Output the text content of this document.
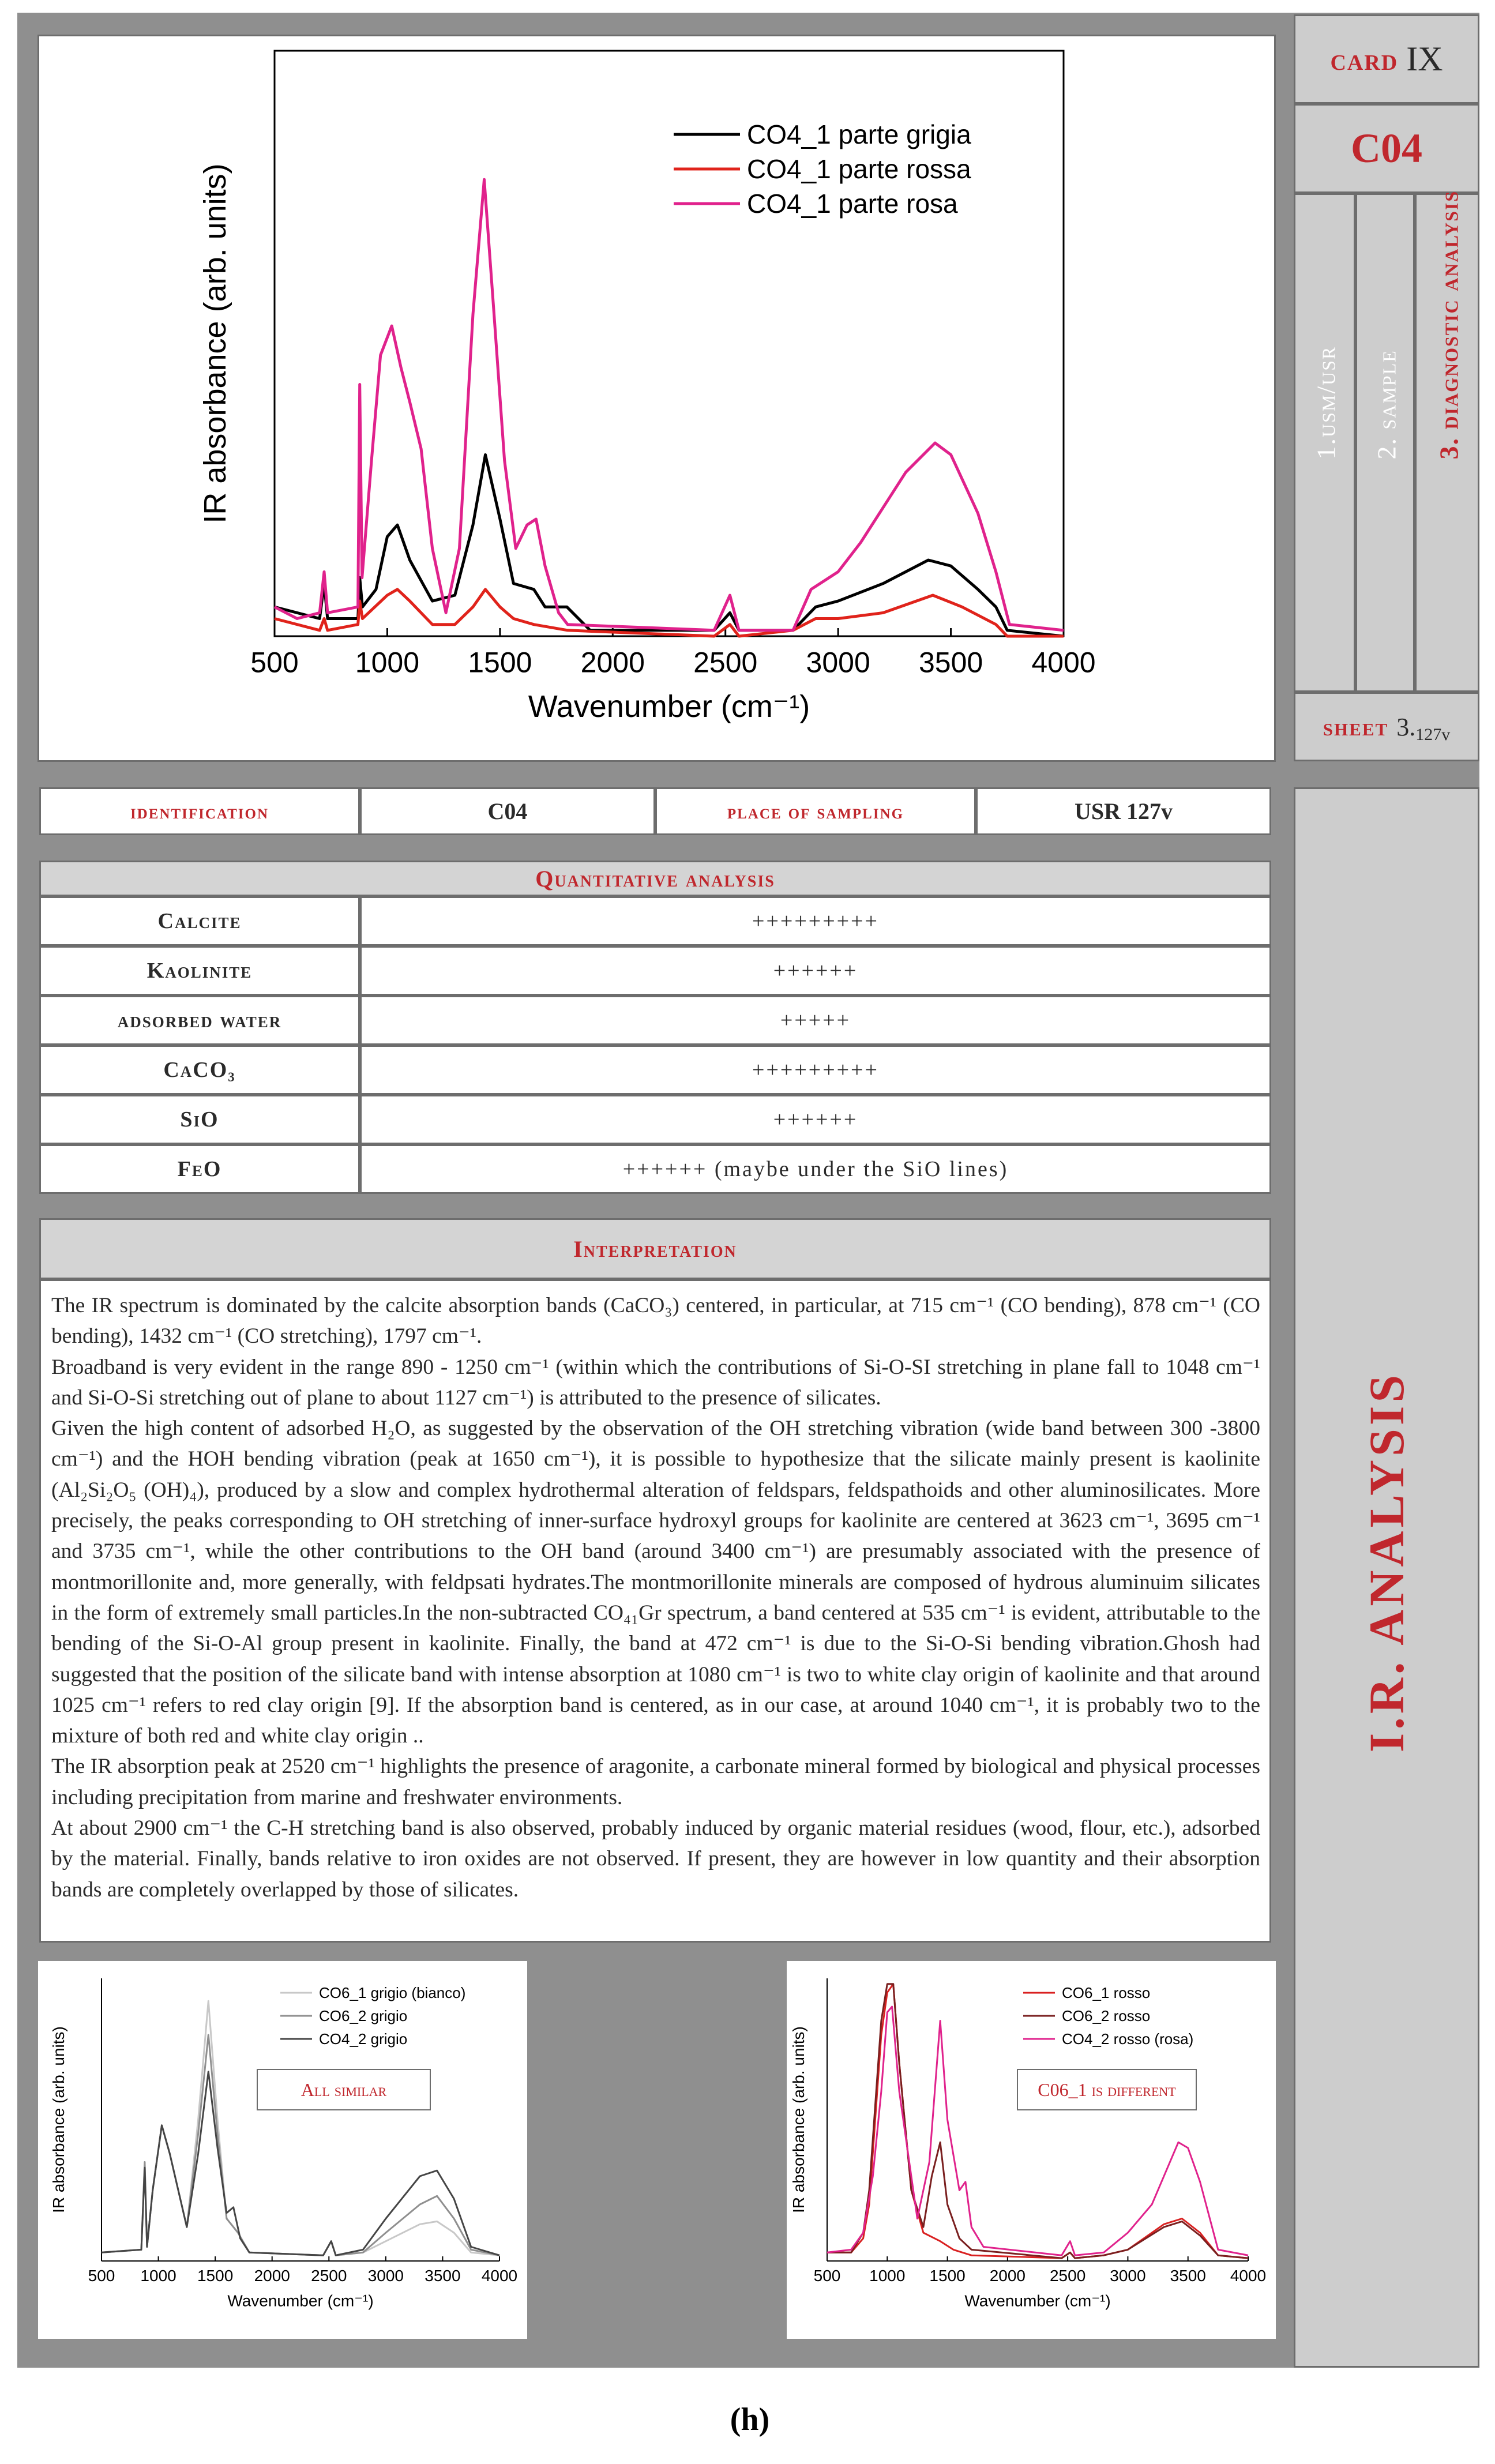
500 1000 1500 2000 2500 3000 3500 4000
Wavenumber (cm⁻¹)
IR absorbance (arb. units)
CO4_1 parte grigia
CO4_1 parte rossa
CO4_1 parte rosa
card IX
C04
1.usm/usr 2. sample 3. diagnostic analysis
sheet 3. 127v
I.R. ANALYSIS
identification	C04	place of sampling	USR 127v
Quantitative analysis
Calcite	+++++++++
Kaolinite	++++++
adsorbed water	+++++
CaCO₃	+++++++++
SiO	++++++
FeO	++++++ (maybe under the SiO lines)
Interpretation

The IR spectrum is dominated by the calcite absorption bands (CaCO₃) centered, in particular, at 715 cm⁻¹ (CO bending), 878 cm⁻¹ (CO bending), 1432 cm⁻¹ (CO stretching), 1797 cm⁻¹.

Broadband is very evident in the range 890 - 1250 cm⁻¹ (within which the contributions of Si-O-SI stretching in plane fall to 1048 cm⁻¹ and Si-O-Si stretching out of plane to about 1127 cm⁻¹) is attributed to the presence of silicates.

Given the high content of adsorbed H₂O, as suggested by the observation of the OH stretching vibration (wide band between 300 -3800 cm⁻¹) and the HOH bending vibration (peak at 1650 cm⁻¹), it is possible to hypothesize that the silicate mainly present is kaolinite (Al₂Si₂O₅ (OH)₄), produced by a slow and complex hydrothermal alteration of feldspars, feldspathoids and other aluminosilicates. More precisely, the peaks corresponding to OH stretching of inner-surface hydroxyl groups for kaolinite are centered at 3623 cm⁻¹, 3695 cm⁻¹ and 3735 cm⁻¹, while the other contributions to the OH band (around 3400 cm⁻¹) are presumably associated with the presence of montmorillonite and, more generally, with feldpsati hydrates.The montmorillonite minerals are composed of hydrous aluminuim silicates in the form of extremely small particles.In the non-subtracted CO₄₁Gr spectrum, a band centered at 535 cm⁻¹ is evident, attributable to the bending of the Si-O-Al group present in kaolinite. Finally, the band at 472 cm⁻¹ is due to the Si-O-Si bending vibration.Ghosh had suggested that the position of the silicate band with intense absorption at 1080 cm⁻¹ is two to white clay origin of kaolinite and that around 1025 cm⁻¹ refers to red clay origin [9]. If the absorption band is centered, as in our case, at around 1040 cm⁻¹, it is probably two to the mixture of both red and white clay origin ..

The IR absorption peak at 2520 cm⁻¹ highlights the presence of aragonite, a carbonate mineral formed by biological and physical processes including precipitation from marine and freshwater environments.

At about 2900 cm⁻¹ the C-H stretching band is also observed, probably induced by organic material residues (wood, flour, etc.), adsorbed by the material. Finally, bands relative to iron oxides are not observed. If present, they are however in low quantity and their absorption bands are completely overlapped by those of silicates.

500 1000 1500 2000 2500 3000 3500 4000
Wavenumber (cm⁻¹)
IR absorbance (arb. units)
CO6_1 grigio (bianco)
CO6_2 grigio
CO4_2 grigio
All similar
500 1000 1500 2000 2500 3000 3500 4000
Wavenumber (cm⁻¹)
IR absorbance (arb. units)
CO6_1 rosso
CO6_2 rosso
CO4_2 rosso (rosa)
C06_1 is different
(h)
